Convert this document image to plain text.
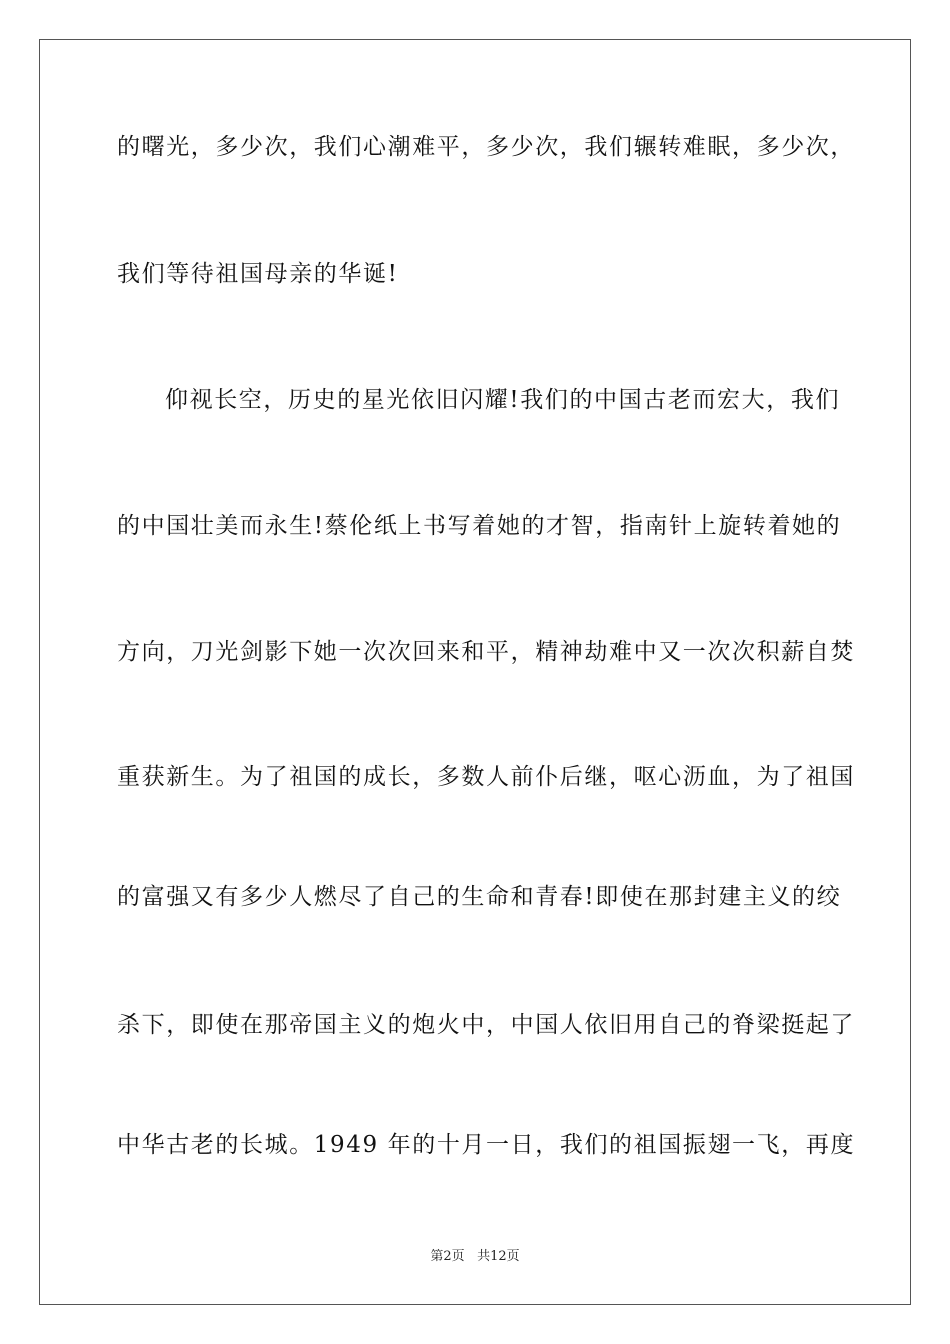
的曙光，多少次，我们心潮难平，多少次，我们辗转难眠，多少次，
我们等待祖国母亲的华诞!
仰视长空，历史的星光依旧闪耀!我们的中国古老而宏大，我们
的中国壮美而永生!蔡伦纸上书写着她的才智，指南针上旋转着她的
方向，刀光剑影下她一次次回来和平，精神劫难中又一次次积薪自焚
重获新生。为了祖国的成长，多数人前仆后继，呕心沥血，为了祖国
的富强又有多少人燃尽了自己的生命和青春!即使在那封建主义的绞
杀下，即使在那帝国主义的炮火中，中国人依旧用自己的脊梁挺起了
中华古老的长城。1949 年的十月一日，我们的祖国振翅一飞，再度
第2页 共12页
